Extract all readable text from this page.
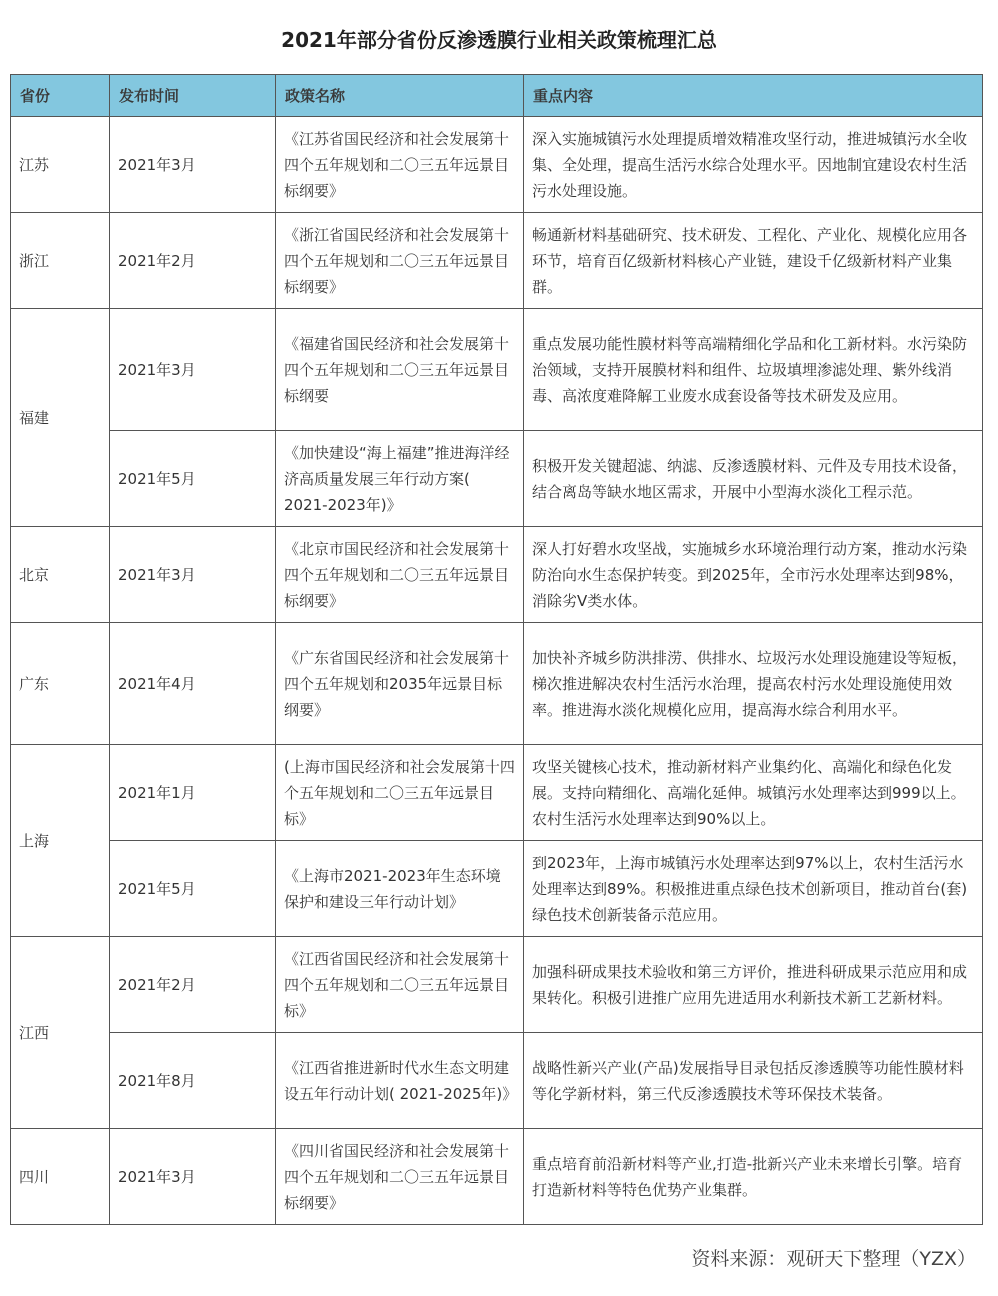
2021年部分省份反渗透膜行业相关政策梳理汇总
省份	发布时间	政策名称	重点内容
江苏	2021年3月	《江苏省国民经济和社会发展第十四个五年规划和二〇三五年远景目标纲要》	深入实施城镇污水处理提质增效精准攻坚行动，推进城镇污水全收集、全处理，提高生活污水综合处理水平。因地制宜建设农村生活污水处理设施。
浙江	2021年2月	《浙江省国民经济和社会发展第十四个五年规划和二〇三五年远景目标纲要》	畅通新材料基础研究、技术研发、工程化、产业化、规模化应用各环节，培育百亿级新材料核心产业链，建设千亿级新材料产业集群。
福建	2021年3月	《福建省国民经济和社会发展第十四个五年规划和二〇三五年远景目标纲要	重点发展功能性膜材料等高端精细化学品和化工新材料。水污染防治领域，支持开展膜材料和组件、垃圾填埋渗滤处理、紫外线消毒、高浓度难降解工业废水成套设备等技术研发及应用。
	2021年5月	《加快建设“海上福建”推进海洋经济高质量发展三年行动方案( 2021-2023年)》	积极开发关键超滤、纳滤、反渗透膜材料、元件及专用技术设备，结合离岛等缺水地区需求，开展中小型海水淡化工程示范。
北京	2021年3月	《北京市国民经济和社会发展第十四个五年规划和二〇三五年远景目标纲要》	深人打好碧水攻坚战，实施城乡水环境治理行动方案，推动水污染防治向水生态保护转变。到2025年，全市污水处理率达到98%，消除劣V类水体。
广东	2021年4月	《广东省国民经济和社会发展第十四个五年规划和2035年远景目标纲要》	加快补齐城乡防洪排涝、供排水、垃圾污水处理设施建设等短板，梯次推进解决农村生活污水治理，提高农村污水处理设施使用效率。推进海水淡化规模化应用，提高海水综合利用水平。
上海	2021年1月	(上海市国民经济和社会发展第十四个五年规划和二〇三五年远景目标》	攻坚关键核心技术，推动新材料产业集约化、高端化和绿色化发展。支持向精细化、高端化延伸。城镇污水处理率达到999以上。农村生活污水处理率达到90%以上。
	2021年5月	《上海市2021-2023年生态环境保护和建设三年行动计划》	到2023年，上海市城镇污水处理率达到97%以上，农村生活污水处理率达到89%。积极推进重点绿色技术创新项目，推动首台(套)绿色技术创新装备示范应用。
江西	2021年2月	《江西省国民经济和社会发展第十四个五年规划和二〇三五年远景目标》	加强科研成果技术验收和第三方评价，推进科研成果示范应用和成果转化。积极引进推广应用先进适用水利新技术新工艺新材料。
	2021年8月	《江西省推进新时代水生态文明建设五年行动计划( 2021-2025年)》	战略性新兴产业(产品)发展指导目录包括反渗透膜等功能性膜材料等化学新材料，第三代反渗透膜技术等环保技术装备。
四川	2021年3月	《四川省国民经济和社会发展第十四个五年规划和二〇三五年远景目标纲要》	重点培育前沿新材料等产业,打造-批新兴产业未来增长引擎。培育打造新材料等特色优势产业集群。
资料来源：观研天下整理（YZX）
